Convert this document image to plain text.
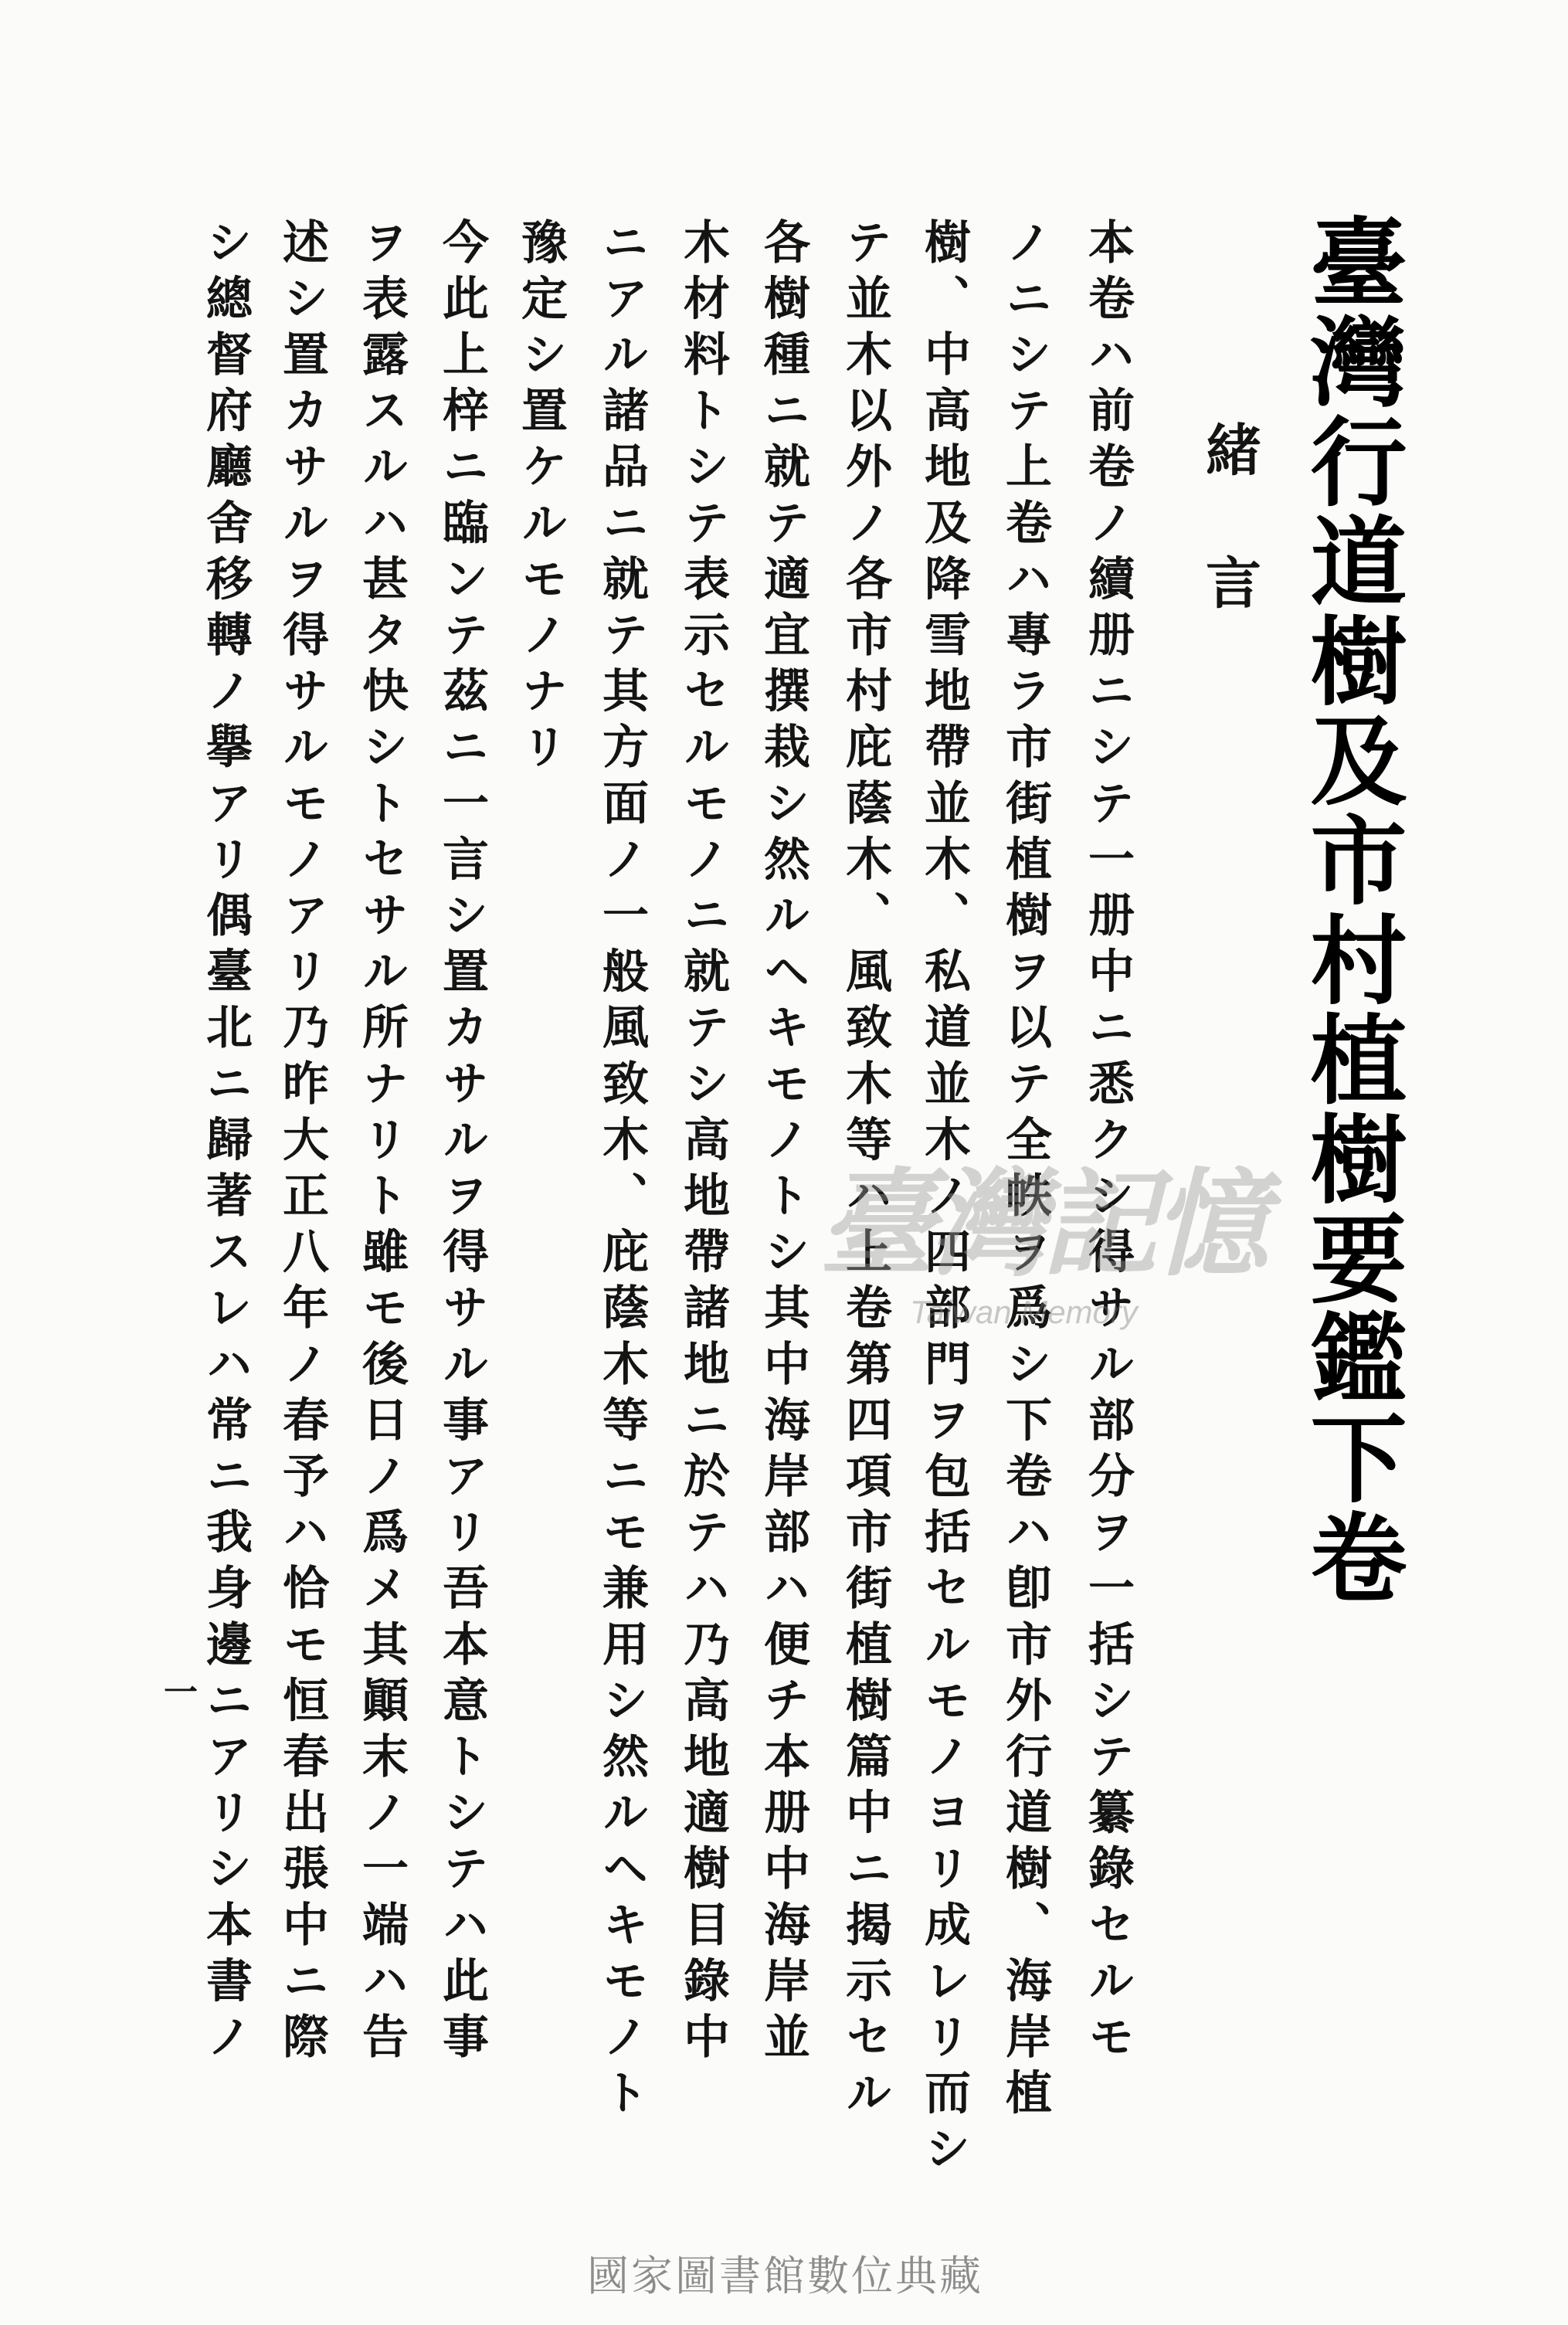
臺灣行道樹及市村植樹要鑑下卷
緒言
本卷ハ前卷ノ續册ニシテ一册中ニ悉クシ得サル部分ヲ一括シテ纂錄セルモ
ノニシテ上卷ハ專ラ市街植樹ヲ以テ全帙ヲ爲シ下卷ハ卽市外行道樹、海岸植
樹、中高地及降雪地帶並木、私道並木ノ四部門ヲ包括セルモノヨリ成レリ而シ
テ並木以外ノ各市村庇蔭木、風致木等ハ上卷第四項市街植樹篇中ニ揭示セル
各樹種ニ就テ適宜撰栽シ然ルヘキモノトシ其中海岸部ハ便チ本册中海岸並
木材料トシテ表示セルモノニ就テシ高地帶諸地ニ於テハ乃高地適樹目錄中
ニアル諸品ニ就テ其方面ノ一般風致木、庇蔭木等ニモ兼用シ然ルヘキモノト
豫定シ置ケルモノナリ
今此上梓ニ臨ンテ茲ニ一言シ置カサルヲ得サル事アリ吾本意トシテハ此事
ヲ表露スルハ甚タ快シトセサル所ナリト雖モ後日ノ爲メ其顚末ノ一端ハ告
述シ置カサルヲ得サルモノアリ乃昨大正八年ノ春予ハ恰モ恒春出張中ニ際
シ總督府廳舍移轉ノ擧アリ偶臺北ニ歸著スレハ常ニ我身邊ニアリシ本書ノ
一
臺灣記憶
Taiwan Memory
國家圖書館數位典藏
